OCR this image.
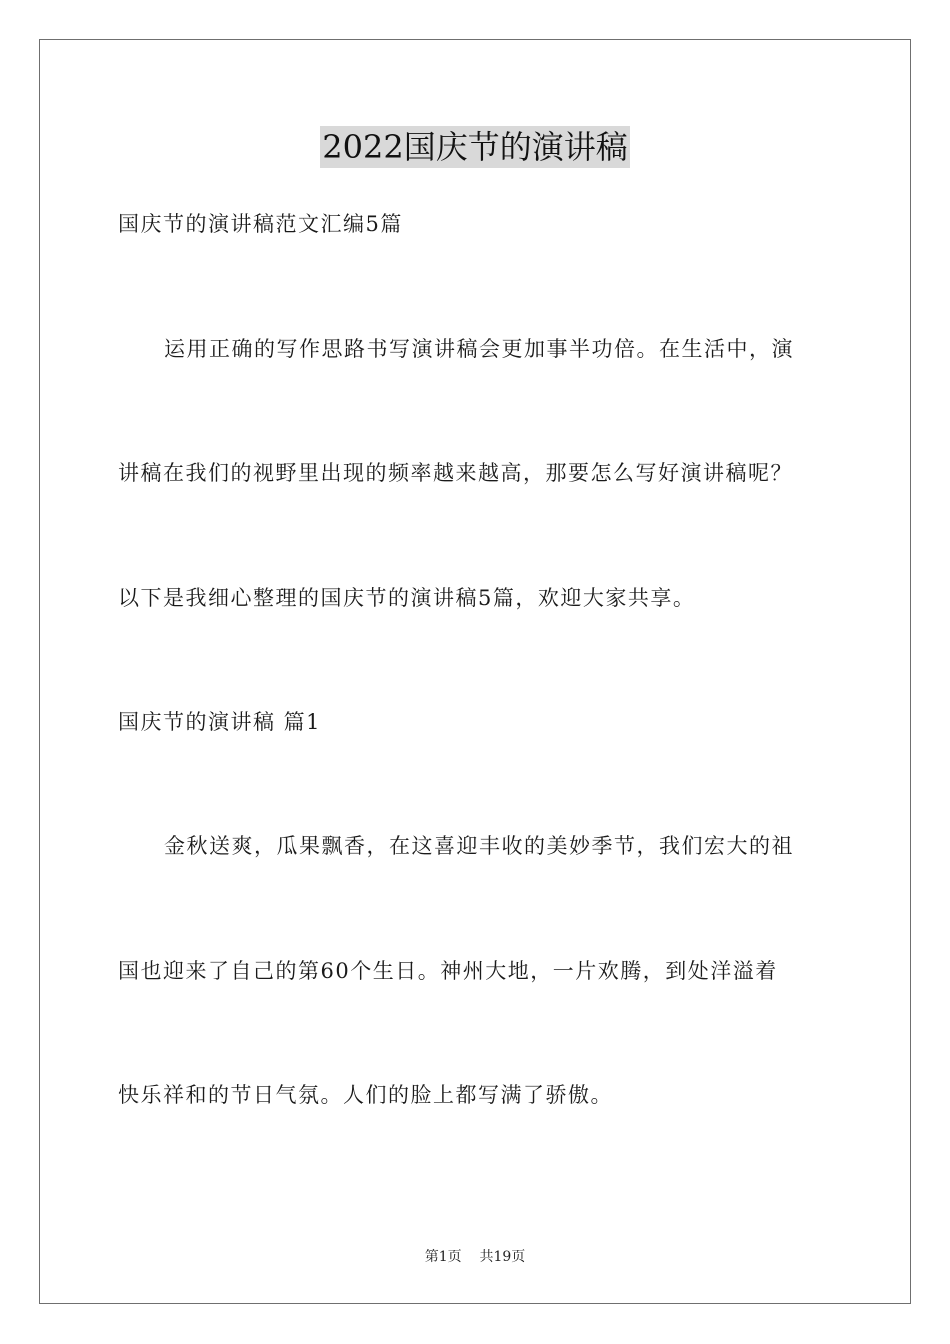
2022国庆节的演讲稿

国庆节的演讲稿范文汇编5篇

运用正确的写作思路书写演讲稿会更加事半功倍。在生活中，演

讲稿在我们的视野里出现的频率越来越高，那要怎么写好演讲稿呢？

以下是我细心整理的国庆节的演讲稿5篇，欢迎大家共享。

国庆节的演讲稿 篇1

金秋送爽，瓜果飘香，在这喜迎丰收的美妙季节，我们宏大的祖

国也迎来了自己的第60个生日。神州大地，一片欢腾，到处洋溢着

快乐祥和的节日气氛。人们的脸上都写满了骄傲。

第1页 共19页
